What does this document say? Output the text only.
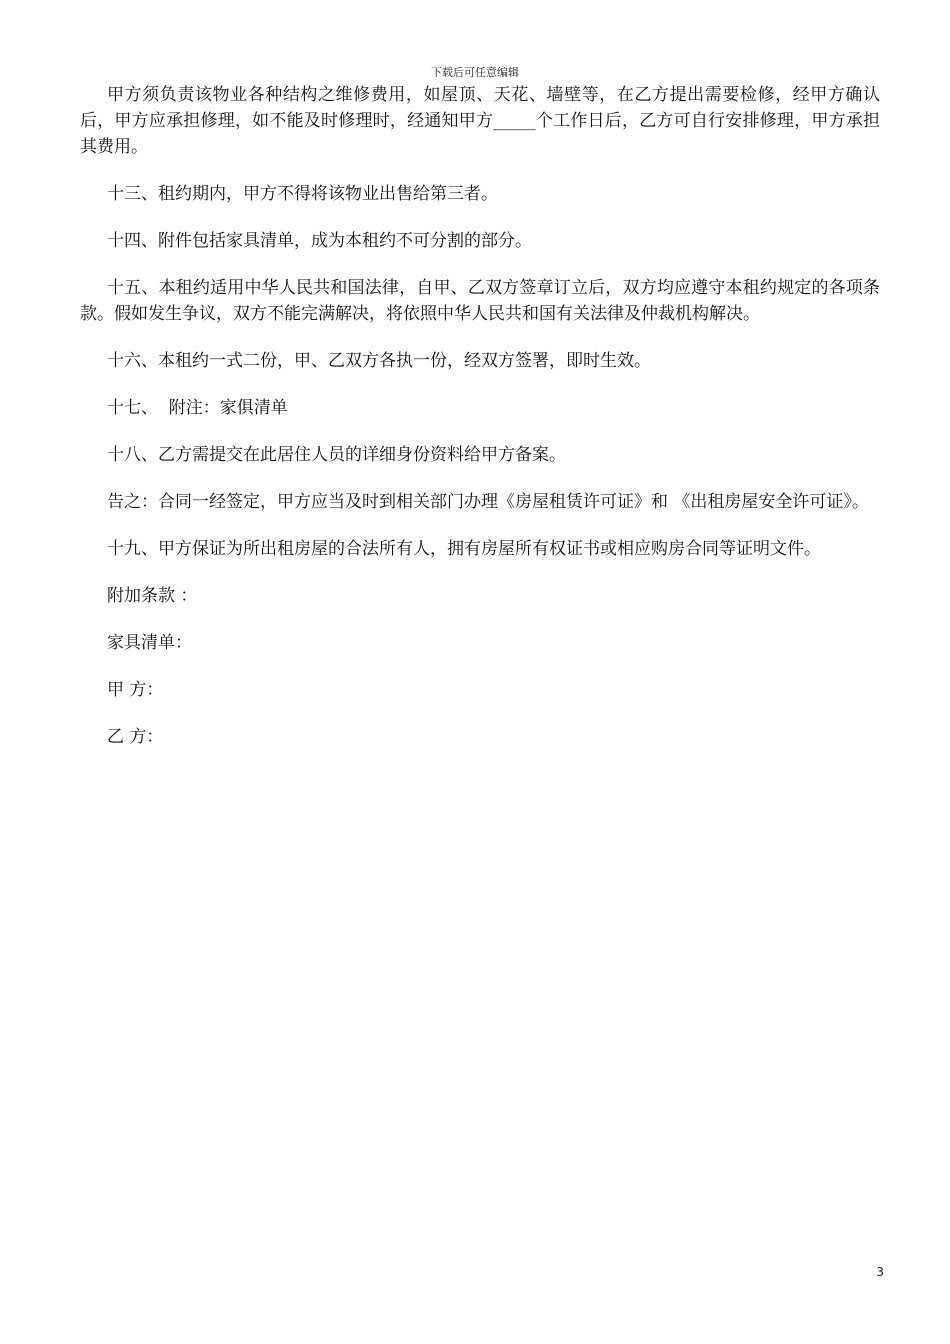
下载后可任意编辑

甲方须负责该物业各种结构之维修费用，如屋顶、天花、墙壁等，在乙方提出需要检修，经甲方确认后，甲方应承担修理，如不能及时修理时，经通知甲方_____个工作日后，乙方可自行安排修理，甲方承担其费用。

十三、租约期内，甲方不得将该物业出售给第三者。

十四、附件包括家具清单，成为本租约不可分割的部分。

十五、本租约适用中华人民共和国法律，自甲、乙双方签章订立后，双方均应遵守本租约规定的各项条款。假如发生争议，双方不能完满解决，将依照中华人民共和国有关法律及仲裁机构解决。

十六、本租约一式二份，甲、乙双方各执一份，经双方签署，即时生效。

十七、  附注：家俱清单

十八、乙方需提交在此居住人员的详细身份资料给甲方备案。

告之：合同一经签定，甲方应当及时到相关部门办理《房屋租赁许可证》和 《出租房屋安全许可证》。

十九、甲方保证为所出租房屋的合法所有人，拥有房屋所有权证书或相应购房合同等证明文件。

附加条款 ：

家具清单：

甲 方：

乙 方：

3
